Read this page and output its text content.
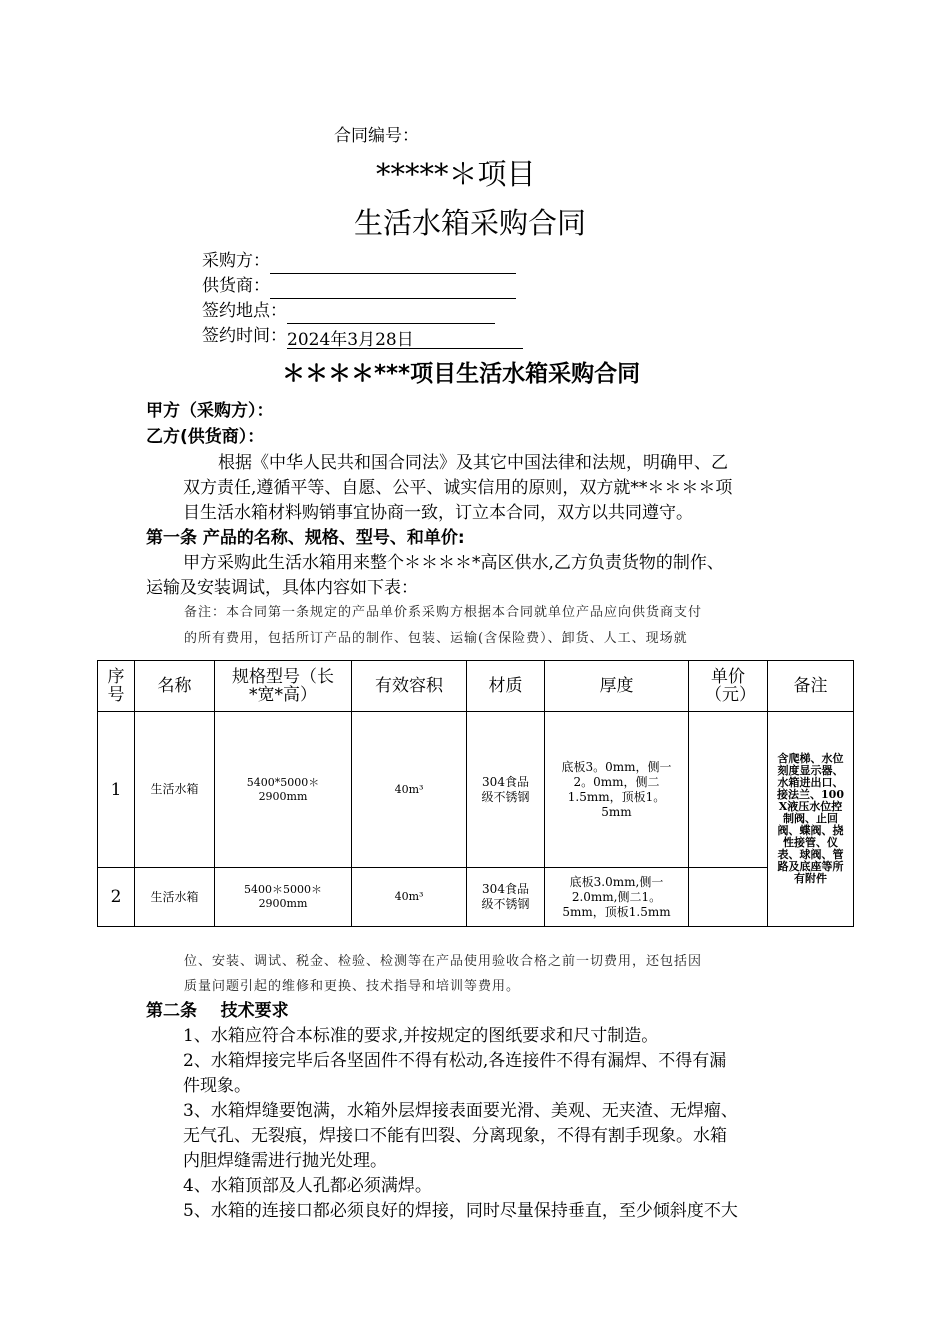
合同编号：
*****＊项目
生活水箱采购合同
采购方：
供货商：
签约地点：
签约时间：2024年3月28日
＊＊＊＊***项目生活水箱采购合同
甲方（采购方）：
乙方(供货商）：
根据《中华人民共和国合同法》及其它中国法律和法规，明确甲、乙
双方责任,遵循平等、自愿、公平、诚实信用的原则，双方就**＊＊＊＊项
目生活水箱材料购销事宜协商一致，订立本合同，双方以共同遵守。
第一条 产品的名称、规格、型号、和单价:
甲方采购此生活水箱用来整个＊＊＊＊*高区供水,乙方负责货物的制作、
运输及安装调试，具体内容如下表：
备注：本合同第一条规定的产品单价系采购方根据本合同就单位产品应向供货商支付
的所有费用，包括所订产品的制作、包装、运输(含保险费）、卸货、人工、现场就
序号	名称	规格型号（长*宽*高）	有效容积	材质	厚度	单价（元）	备注
1	生活水箱	5400*5000＊2900mm	40m³	304食品级不锈钢	底板3。0mm，侧一2。0mm，侧二1.5mm，顶板1。5mm		含爬梯、水位刻度显示器、水箱进出口、接法兰、100X液压水位控制阀、止回阀、蝶阀、挠性接管、仪表、球阀、管路及底座等所有附件
2	生活水箱	5400＊5000＊2900mm	40m³	304食品级不锈钢	底板3.0mm,侧一2.0mm,侧二1。5mm，顶板1.5mm		
位、安装、调试、税金、检验、检测等在产品使用验收合格之前一切费用，还包括因
质量问题引起的维修和更换、技术指导和培训等费用。
第二条    技术要求
1、水箱应符合本标准的要求,并按规定的图纸要求和尺寸制造。
2、水箱焊接完毕后各坚固件不得有松动,各连接件不得有漏焊、不得有漏
件现象。
3、水箱焊缝要饱满，水箱外层焊接表面要光滑、美观、无夹渣、无焊瘤、
无气孔、无裂痕，焊接口不能有凹裂、分离现象，不得有割手现象。水箱
内胆焊缝需进行抛光处理。
4、水箱顶部及人孔都必须满焊。
5、水箱的连接口都必须良好的焊接，同时尽量保持垂直，至少倾斜度不大
